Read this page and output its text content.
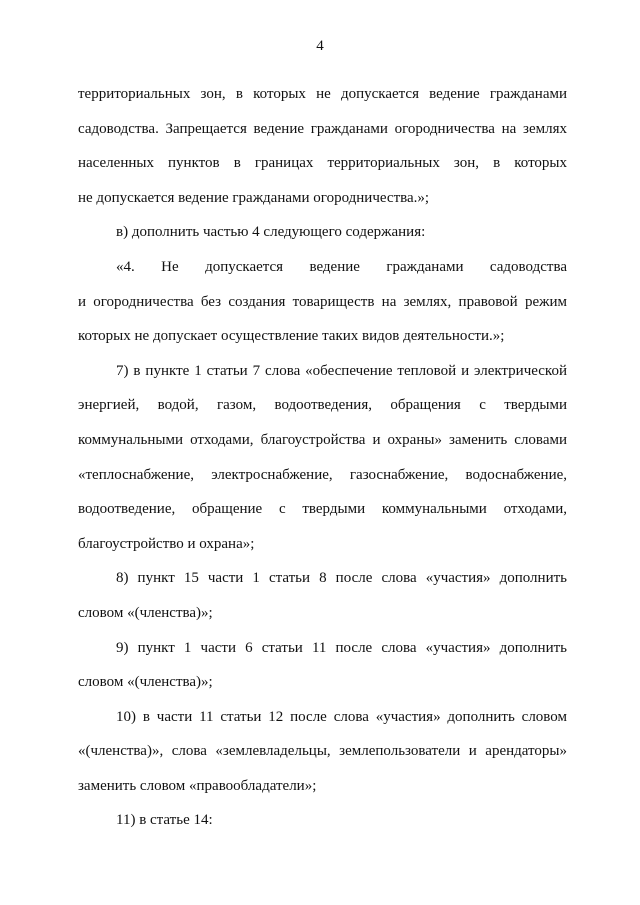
4
территориальных зон, в которых не допускается ведение гражданами
садоводства. Запрещается ведение гражданами огородничества на землях
населенных пунктов в границах территориальных зон, в которых
не допускается ведение гражданами огородничества.»;
в) дополнить частью 4 следующего содержания:
«4. Не допускается ведение гражданами садоводства
и огородничества без создания товариществ на землях, правовой режим
которых не допускает осуществление таких видов деятельности.»;
7) в пункте 1 статьи 7 слова «обеспечение тепловой и электрической
энергией, водой, газом, водоотведения, обращения с твердыми
коммунальными отходами, благоустройства и охраны» заменить словами
«теплоснабжение, электроснабжение, газоснабжение, водоснабжение,
водоотведение, обращение с твердыми коммунальными отходами,
благоустройство и охрана»;
8) пункт 15 части 1 статьи 8 после слова «участия» дополнить
словом «(членства)»;
9) пункт 1 части 6 статьи 11 после слова «участия» дополнить
словом «(членства)»;
10) в части 11 статьи 12 после слова «участия» дополнить словом
«(членства)», слова «землевладельцы, землепользователи и арендаторы»
заменить словом «правообладатели»;
11) в статье 14:
